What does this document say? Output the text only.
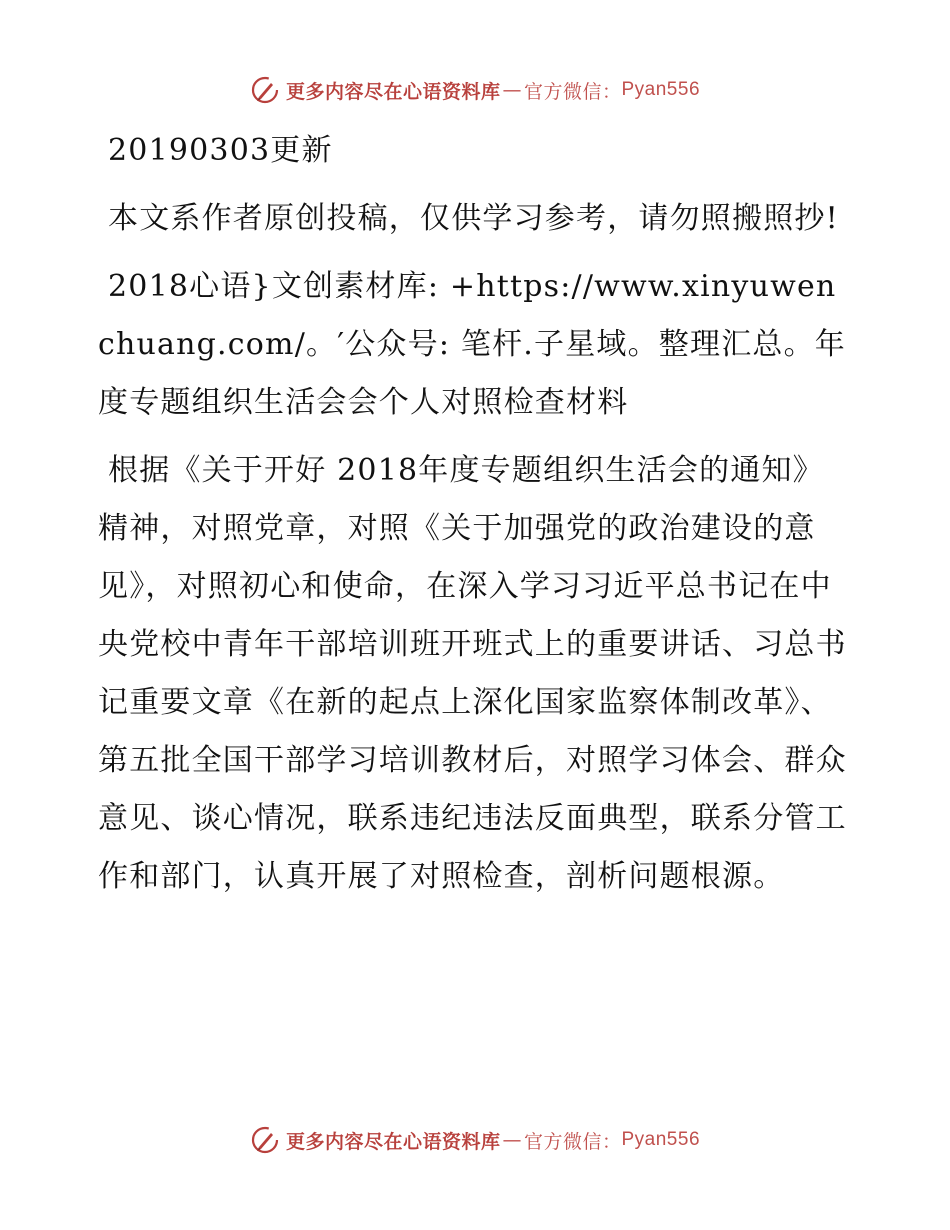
更多内容尽在心语资料库 — 官方微信： Pyan556

20190303更新

本文系作者原创投稿，仅供学习参考，请勿照搬照抄!

2018心语}文创素材库: +https://www.xinyuwenchuang.com/。′公众号: 笔杆.子星域。整理汇总。年度专题组织生活会会个人对照检查材料

根据《关于开好 2018年度专题组织生活会的通知》精神，对照党章，对照《关于加强党的政治建设的意见》，对照初心和使命，在深入学习习近平总书记在中央党校中青年干部培训班开班式上的重要讲话、习总书记重要文章《在新的起点上深化国家监察体制改革》、第五批全国干部学习培训教材后，对照学习体会、群众意见、谈心情况，联系违纪违法反面典型，联系分管工作和部门，认真开展了对照检查，剖析问题根源。

更多内容尽在心语资料库 — 官方微信： Pyan556
